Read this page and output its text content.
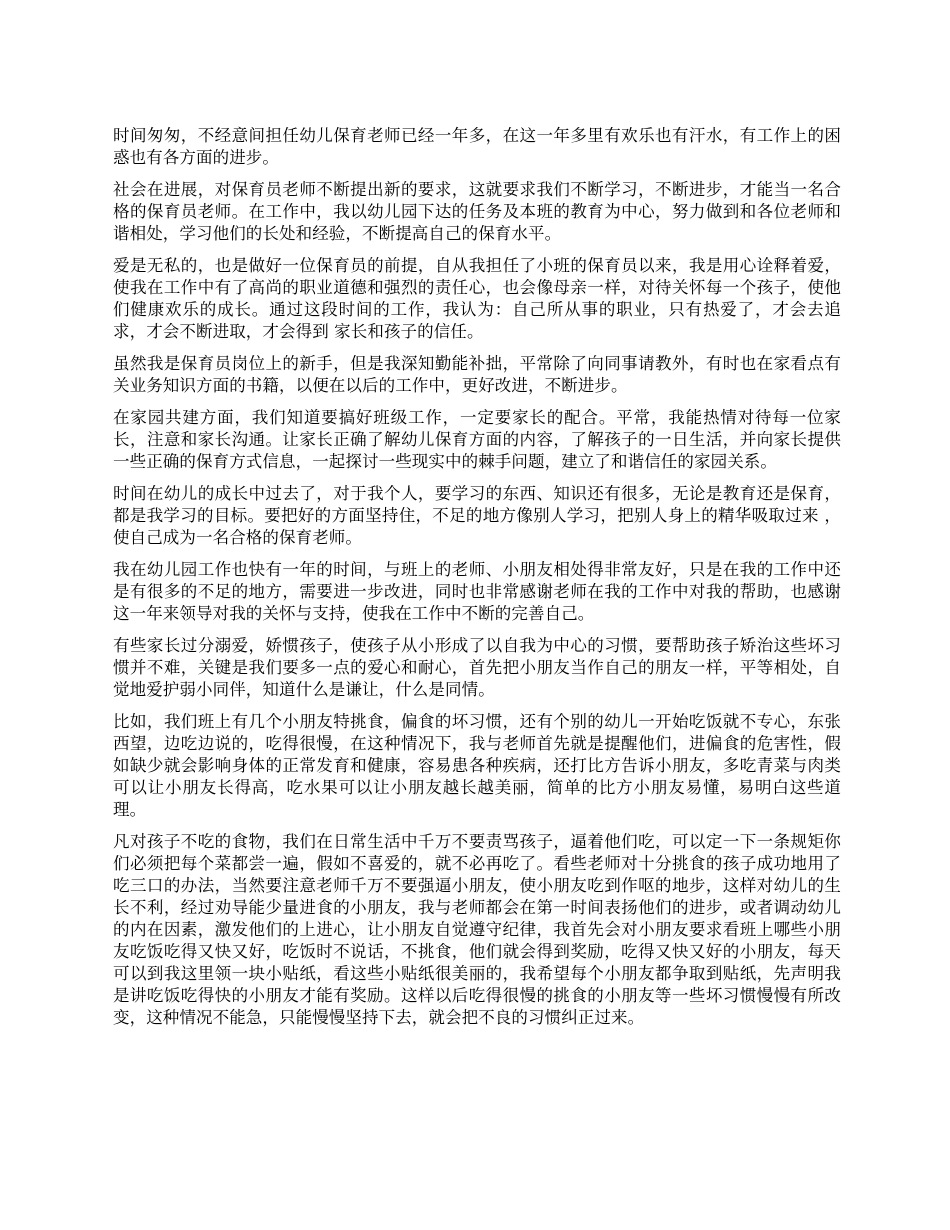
时间匆匆，不经意间担任幼儿保育老师已经一年多，在这一年多里有欢乐也有汗水，有工作上的困惑也有各方面的进步。

社会在进展，对保育员老师不断提出新的要求，这就要求我们不断学习，不断进步，才能当一名合格的保育员老师。在工作中，我以幼儿园下达的任务及本班的教育为中心，努力做到和各位老师和谐相处，学习他们的长处和经验，不断提高自己的保育水平。

爱是无私的，也是做好一位保育员的前提，自从我担任了小班的保育员以来，我是用心诠释着爱，使我在工作中有了高尚的职业道德和强烈的责任心，也会像母亲一样，对待关怀每一个孩子，使他们健康欢乐的成长。通过这段时间的工作，我认为：自己所从事的职业，只有热爱了，才会去追求，才会不断进取，才会得到 家长和孩子的信任。

虽然我是保育员岗位上的新手，但是我深知勤能补拙，平常除了向同事请教外，有时也在家看点有关业务知识方面的书籍，以便在以后的工作中，更好改进，不断进步。

在家园共建方面，我们知道要搞好班级工作，一定要家长的配合。平常，我能热情对待每一位家长，注意和家长沟通。让家长正确了解幼儿保育方面的内容，了解孩子的一日生活，并向家长提供一些正确的保育方式信息，一起探讨一些现实中的棘手问题，建立了和谐信任的家园关系。

时间在幼儿的成长中过去了，对于我个人，要学习的东西、知识还有很多，无论是教育还是保育，都是我学习的目标。要把好的方面坚持住，不足的地方像别人学习，把别人身上的精华吸取过来 ，使自己成为一名合格的保育老师。

我在幼儿园工作也快有一年的时间，与班上的老师、小朋友相处得非常友好，只是在我的工作中还是有很多的不足的地方，需要进一步改进，同时也非常感谢老师在我的工作中对我的帮助，也感谢这一年来领导对我的关怀与支持，使我在工作中不断的完善自己。

有些家长过分溺爱，娇惯孩子，使孩子从小形成了以自我为中心的习惯，要帮助孩子矫治这些坏习惯并不难，关键是我们要多一点的爱心和耐心，首先把小朋友当作自己的朋友一样，平等相处，自觉地爱护弱小同伴，知道什么是谦让，什么是同情。

比如，我们班上有几个小朋友特挑食，偏食的坏习惯，还有个别的幼儿一开始吃饭就不专心，东张西望，边吃边说的，吃得很慢，在这种情况下，我与老师首先就是提醒他们，进偏食的危害性，假如缺少就会影响身体的正常发育和健康，容易患各种疾病，还打比方告诉小朋友，多吃青菜与肉类可以让小朋友长得高，吃水果可以让小朋友越长越美丽，简单的比方小朋友易懂，易明白这些道理。

凡对孩子不吃的食物，我们在日常生活中千万不要责骂孩子，逼着他们吃，可以定一下一条规矩你们必须把每个菜都尝一遍，假如不喜爱的，就不必再吃了。看些老师对十分挑食的孩子成功地用了吃三口的办法，当然要注意老师千万不要强逼小朋友，使小朋友吃到作呕的地步，这样对幼儿的生长不利，经过劝导能少量进食的小朋友，我与老师都会在第一时间表扬他们的进步，或者调动幼儿的内在因素，激发他们的上进心，让小朋友自觉遵守纪律，我首先会对小朋友要求看班上哪些小朋友吃饭吃得又快又好，吃饭时不说话，不挑食，他们就会得到奖励，吃得又快又好的小朋友，每天可以到我这里领一块小贴纸，看这些小贴纸很美丽的，我希望每个小朋友都争取到贴纸，先声明我是讲吃饭吃得快的小朋友才能有奖励。这样以后吃得很慢的挑食的小朋友等一些坏习惯慢慢有所改变，这种情况不能急，只能慢慢坚持下去，就会把不良的习惯纠正过来。
